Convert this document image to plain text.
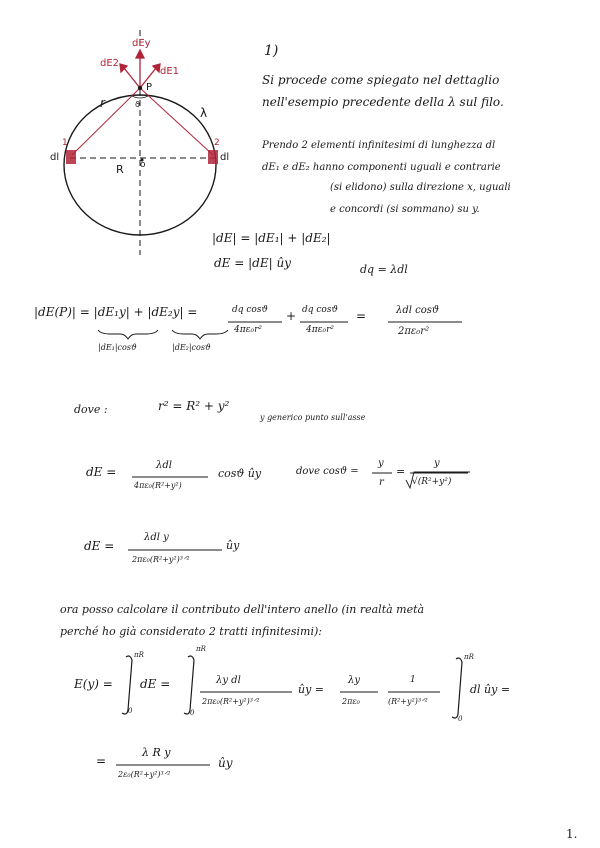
dEy
dE2
dE1
P
ϑ
r
λ
1	2
dl	dl
R o
1)
Si procede come spiegato nel dettaglio
nell'esempio precedente della λ sul filo.
Prendo 2 elementi infinitesimi di lunghezza dl
dE₁ e dE₂ hanno componenti uguali e contrarie
(si elidono) sulla direzione x, uguali
e concordi (si sommano) su y.
|dE| = |dE₁| + |dE₂|
dE = |dE| ûy	dq = λdl
|dE(P)| = |dE₁y| + |dE₂y| =	dq cosϑ
4πε₀r²
+ dq cosϑ
4πε₀r²
=	λdl cosϑ
2πε₀r²
|dE₁|cosϑ	|dE₂|cosϑ
dove :	r² = R² + y²
y generico punto sull'asse
dE =	λdl
4πε₀(R²+y²)
cosϑ ûy	dove cosϑ =
y
r
=
y
√(R²+y²)
dE =
λdl y
2πε₀(R²+y²)³ᐟ²
ûy
ora posso calcolare il contributo dell'intero anello (in realtà metà
perché ho già considerato 2 tratti infinitesimi):
E(y) =
πR
0
dE =
πR
0
λy dl
2πε₀(R²+y²)³ᐟ²
ûy =
λy
2πε₀
1
(R²+y²)³ᐟ²
πR
0
dl ûy =
=
λ R y
2ε₀(R²+y²)³ᐟ²
ûy
1.
